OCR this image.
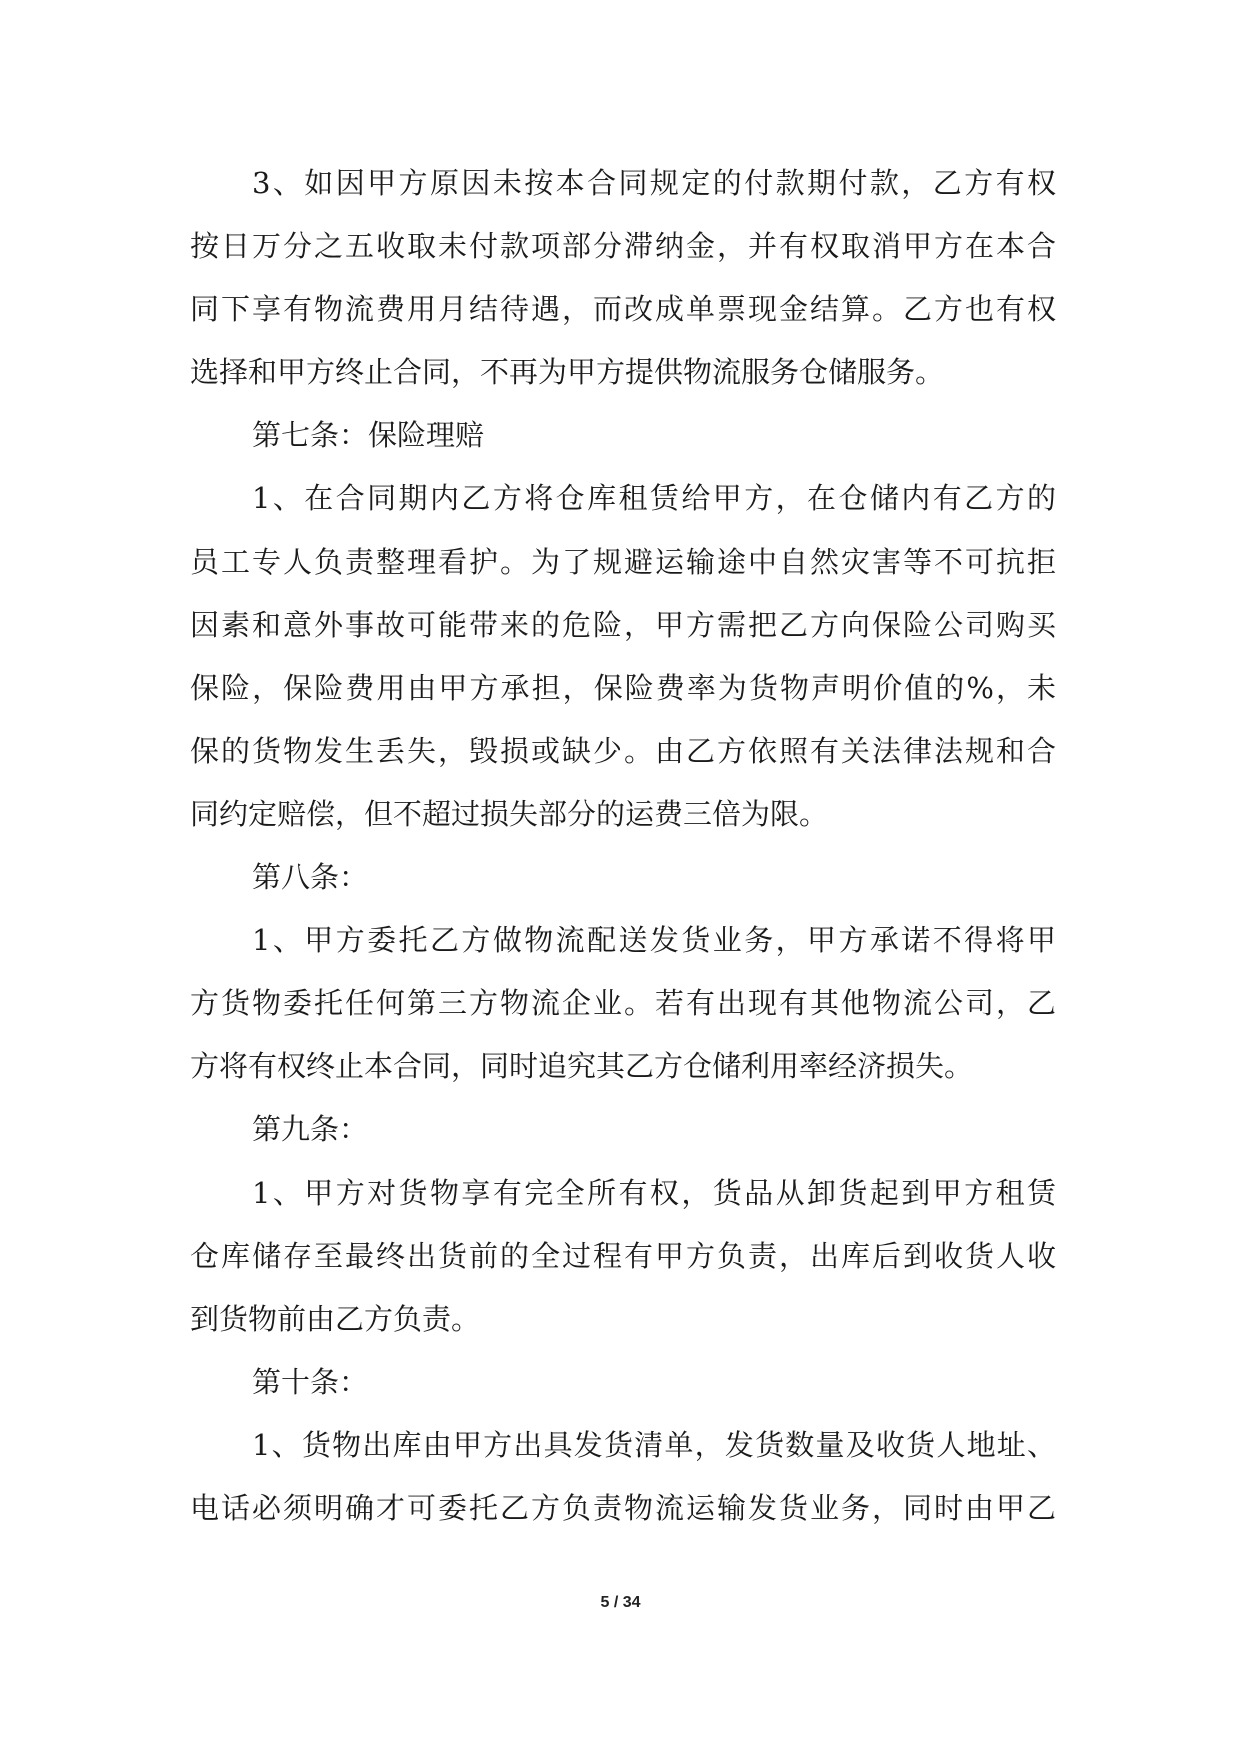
3、如因甲方原因未按本合同规定的付款期付款，乙方有权
按日万分之五收取未付款项部分滞纳金，并有权取消甲方在本合
同下享有物流费用月结待遇，而改成单票现金结算。乙方也有权
选择和甲方终止合同，不再为甲方提供物流服务仓储服务。
第七条：保险理赔
1、在合同期内乙方将仓库租赁给甲方，在仓储内有乙方的
员工专人负责整理看护。为了规避运输途中自然灾害等不可抗拒
因素和意外事故可能带来的危险，甲方需把乙方向保险公司购买
保险，保险费用由甲方承担，保险费率为货物声明价值的%，未
保的货物发生丢失，毁损或缺少。由乙方依照有关法律法规和合
同约定赔偿，但不超过损失部分的运费三倍为限。
第八条：
1、甲方委托乙方做物流配送发货业务，甲方承诺不得将甲
方货物委托任何第三方物流企业。若有出现有其他物流公司，乙
方将有权终止本合同，同时追究其乙方仓储利用率经济损失。
第九条：
1、甲方对货物享有完全所有权，货品从卸货起到甲方租赁
仓库储存至最终出货前的全过程有甲方负责，出库后到收货人收
到货物前由乙方负责。
第十条：
1、货物出库由甲方出具发货清单，发货数量及收货人地址、
电话必须明确才可委托乙方负责物流运输发货业务，同时由甲乙
5 / 34
